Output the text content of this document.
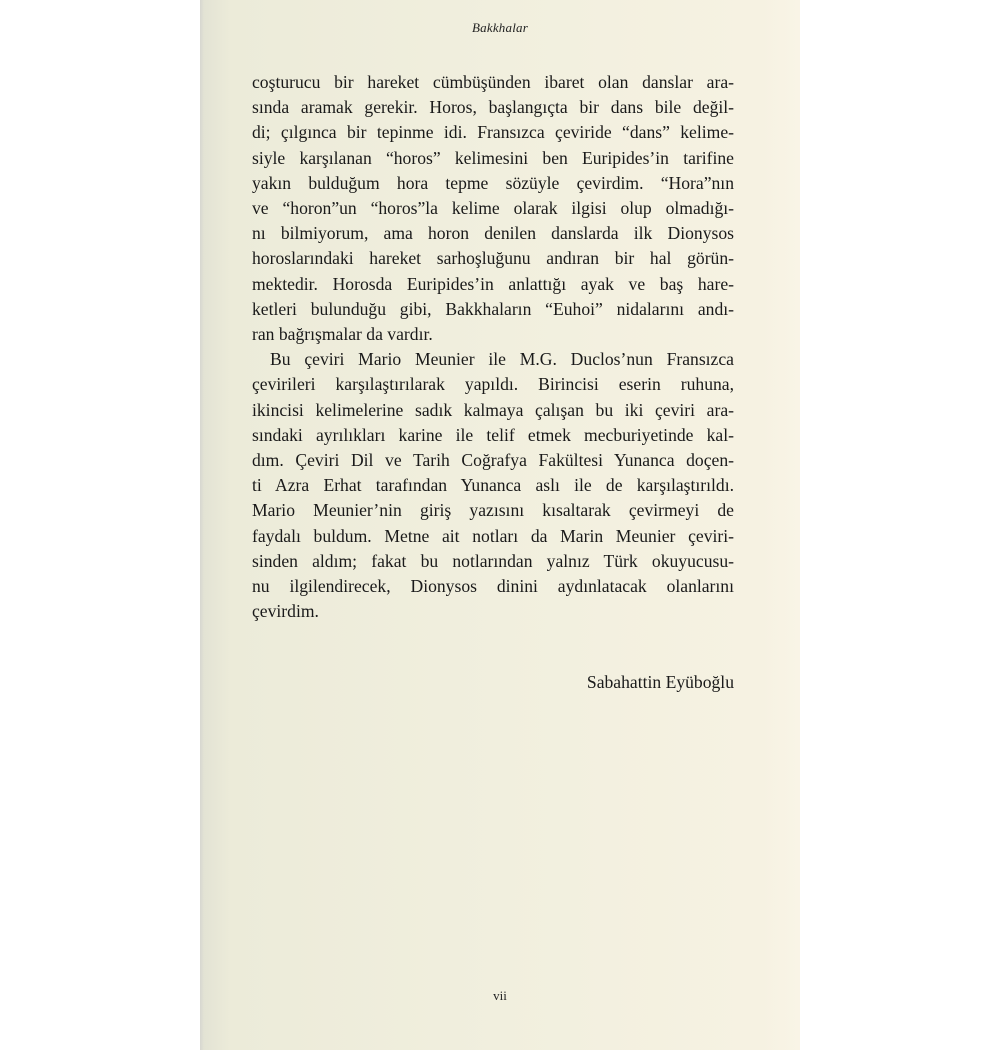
Bakkhalar

coşturucu bir hareket cümbüşünden ibaret olan danslar ara-
sında aramak gerekir. Horos, başlangıçta bir dans bile değil-
di; çılgınca bir tepinme idi. Fransızca çeviride “dans” kelime-
siyle karşılanan “horos” kelimesini ben Euripides’in tarifine
yakın bulduğum hora tepme sözüyle çevirdim. “Hora”nın
ve “horon”un “horos”la kelime olarak ilgisi olup olmadığı-
nı bilmiyorum, ama horon denilen danslarda ilk Dionysos
horoslarındaki hareket sarhoşluğunu andıran bir hal görün-
mektedir. Horosda Euripides’in anlattığı ayak ve baş hare-
ketleri bulunduğu gibi, Bakkhaların “Euhoi” nidalarını andı-
ran bağrışmalar da vardır.

Bu çeviri Mario Meunier ile M.G. Duclos’nun Fransızca
çevirileri karşılaştırılarak yapıldı. Birincisi eserin ruhuna,
ikincisi kelimelerine sadık kalmaya çalışan bu iki çeviri ara-
sındaki ayrılıkları karine ile telif etmek mecburiyetinde kal-
dım. Çeviri Dil ve Tarih Coğrafya Fakültesi Yunanca doçen-
ti Azra Erhat tarafından Yunanca aslı ile de karşılaştırıldı.
Mario Meunier’nin giriş yazısını kısaltarak çevirmeyi de
faydalı buldum. Metne ait notları da Marin Meunier çeviri-
sinden aldım; fakat bu notlarından yalnız Türk okuyucusu-
nu ilgilendirecek, Dionysos dinini aydınlatacak olanlarını
çevirdim.

Sabahattin Eyüboğlu
vii
